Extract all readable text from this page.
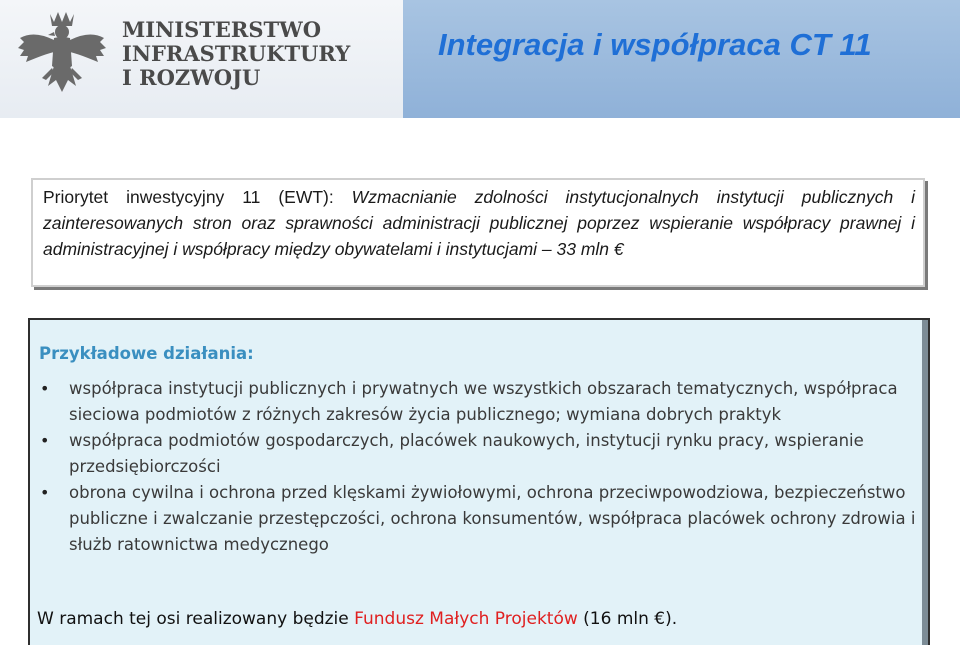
MINISTERSTWO
INFRASTRUKTURY
I ROZWOJU
Integracja i współpraca CT 11
Priorytet inwestycyjny 11 (EWT): Wzmacnianie zdolności instytucjonalnych instytucji publicznych i zainteresowanych stron oraz sprawności administracji publicznej poprzez wspieranie współpracy prawnej i administracyjnej i współpracy między obywatelami i instytucjami – 33 mln €
Przykładowe działania:
• współpraca instytucji publicznych i prywatnych we wszystkich obszarach tematycznych, współpraca sieciowa podmiotów z różnych zakresów życia publicznego; wymiana dobrych praktyk
• współpraca podmiotów gospodarczych, placówek naukowych, instytucji rynku pracy, wspieranie przedsiębiorczości
• obrona cywilna i ochrona przed klęskami żywiołowymi, ochrona przeciwpowodziowa, bezpieczeństwo publiczne i zwalczanie przestępczości, ochrona konsumentów, współpraca placówek ochrony zdrowia i służb ratownictwa medycznego
W ramach tej osi realizowany będzie Fundusz Małych Projektów (16 mln €).
